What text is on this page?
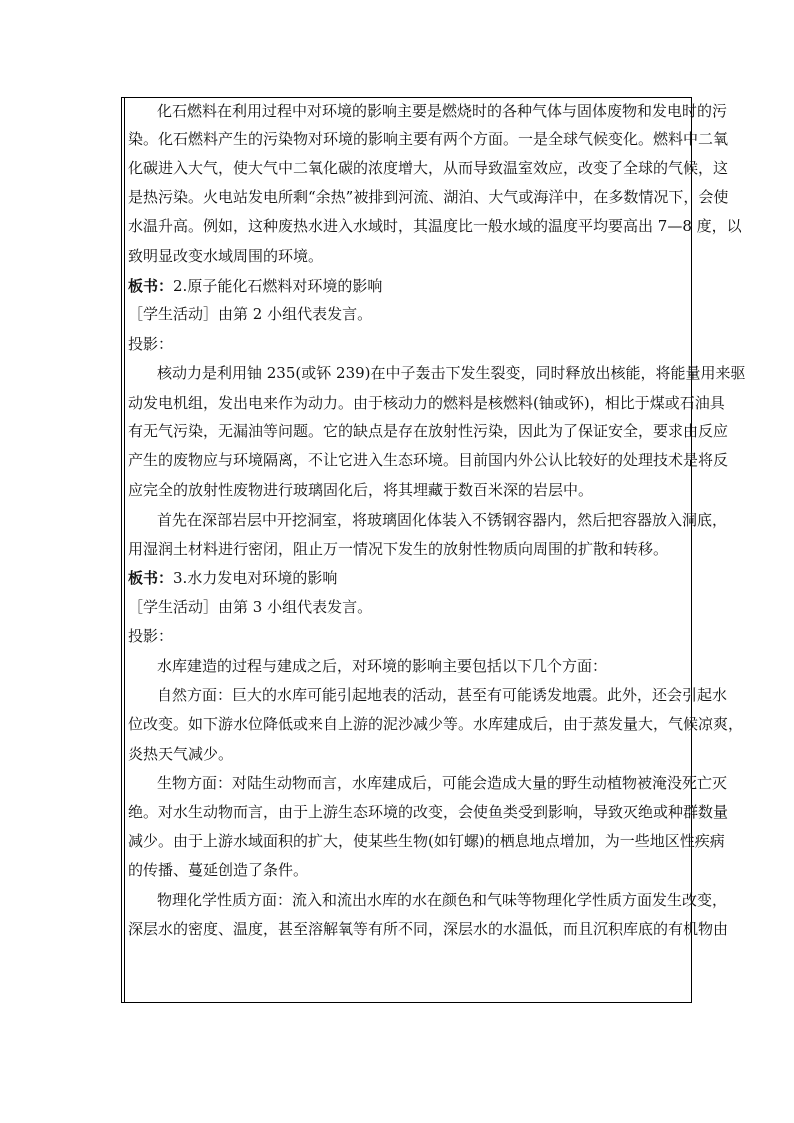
化石燃料在利用过程中对环境的影响主要是燃烧时的各种气体与固体废物和发电时的污
染。化石燃料产生的污染物对环境的影响主要有两个方面。一是全球气候变化。燃料中二氧
化碳进入大气，使大气中二氧化碳的浓度增大，从而导致温室效应，改变了全球的气候，这
是热污染。火电站发电所剩“余热”被排到河流、湖泊、大气或海洋中，在多数情况下，会使
水温升高。例如，这种废热水进入水域时，其温度比一般水域的温度平均要高出 7—8 度，以
致明显改变水域周围的环境。
板书：2.原子能化石燃料对环境的影响
［学生活动］由第 2 小组代表发言。
投影：
核动力是利用铀 235(或钚 239)在中子轰击下发生裂变，同时释放出核能，将能量用来驱
动发电机组，发出电来作为动力。由于核动力的燃料是核燃料(铀或钚)，相比于煤或石油具
有无气污染，无漏油等问题。它的缺点是存在放射性污染，因此为了保证安全，要求由反应
产生的废物应与环境隔离，不让它进入生态环境。目前国内外公认比较好的处理技术是将反
应完全的放射性废物进行玻璃固化后，将其埋藏于数百米深的岩层中。
首先在深部岩层中开挖洞室，将玻璃固化体装入不锈钢容器内，然后把容器放入洞底，
用湿润土材料进行密闭，阻止万一情况下发生的放射性物质向周围的扩散和转移。
板书：3.水力发电对环境的影响
［学生活动］由第 3 小组代表发言。
投影：
水库建造的过程与建成之后，对环境的影响主要包括以下几个方面：
自然方面：巨大的水库可能引起地表的活动，甚至有可能诱发地震。此外，还会引起水
位改变。如下游水位降低或来自上游的泥沙减少等。水库建成后，由于蒸发量大，气候凉爽，
炎热天气减少。
生物方面：对陆生动物而言，水库建成后，可能会造成大量的野生动植物被淹没死亡灭
绝。对水生动物而言，由于上游生态环境的改变，会使鱼类受到影响，导致灭绝或种群数量
减少。由于上游水域面积的扩大，使某些生物(如钉螺)的栖息地点增加，为一些地区性疾病
的传播、蔓延创造了条件。
物理化学性质方面：流入和流出水库的水在颜色和气味等物理化学性质方面发生改变，
深层水的密度、温度，甚至溶解氧等有所不同，深层水的水温低，而且沉积库底的有机物由
